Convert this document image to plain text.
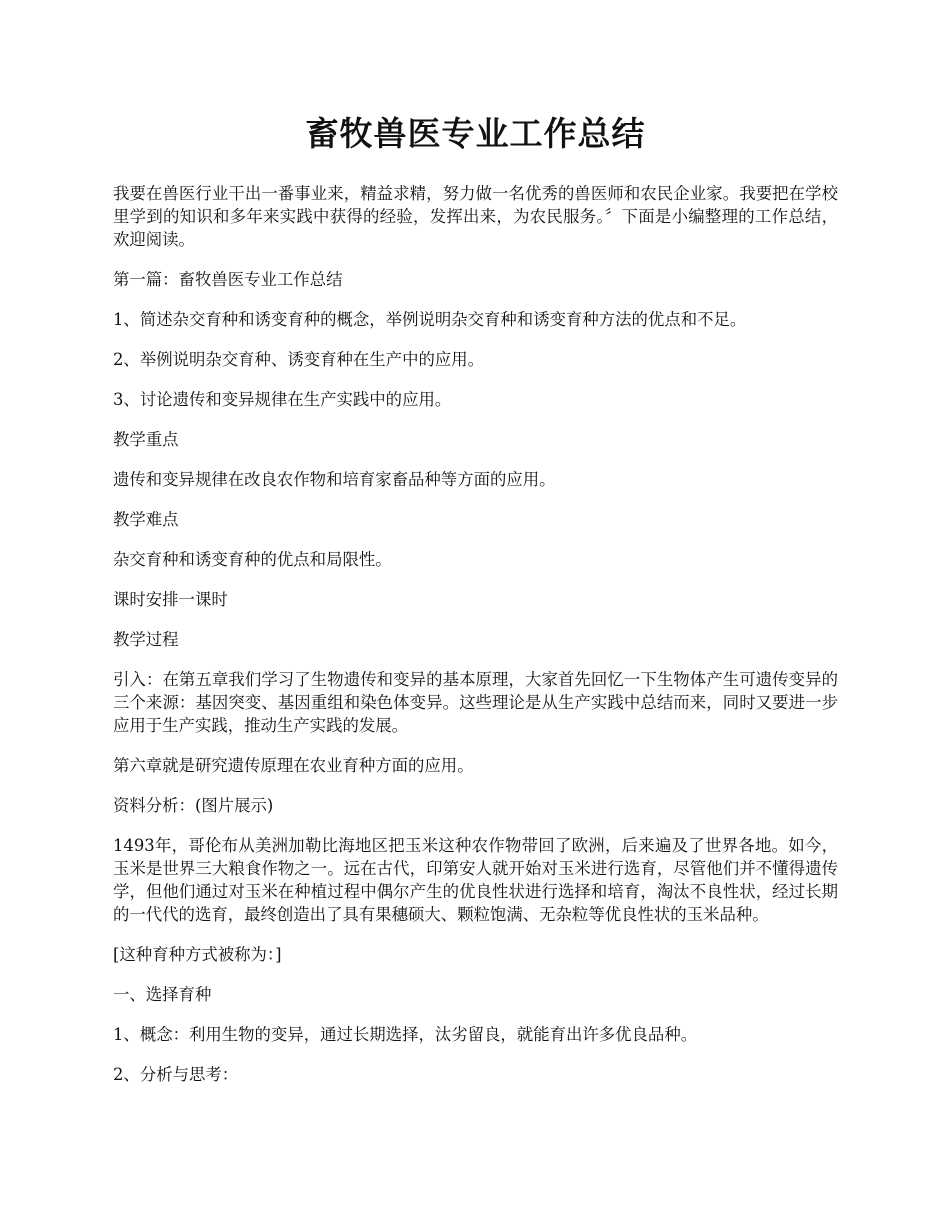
畜牧兽医专业工作总结

我要在兽医行业干出一番事业来，精益求精，努力做一名优秀的兽医师和农民企业家。我要把在学校里学到的知识和多年来实践中获得的经验，发挥出来，为农民服务。〞下面是小编整理的工作总结，欢迎阅读。

第一篇：畜牧兽医专业工作总结

1、简述杂交育种和诱变育种的概念，举例说明杂交育种和诱变育种方法的优点和不足。

2、举例说明杂交育种、诱变育种在生产中的应用。

3、讨论遗传和变异规律在生产实践中的应用。

教学重点

遗传和变异规律在改良农作物和培育家畜品种等方面的应用。

教学难点

杂交育种和诱变育种的优点和局限性。

课时安排一课时

教学过程

引入：在第五章我们学习了生物遗传和变异的基本原理，大家首先回忆一下生物体产生可遗传变异的三个来源：基因突变、基因重组和染色体变异。这些理论是从生产实践中总结而来，同时又要进一步应用于生产实践，推动生产实践的发展。

第六章就是研究遗传原理在农业育种方面的应用。

资料分析：(图片展示)

1493年，哥伦布从美洲加勒比海地区把玉米这种农作物带回了欧洲，后来遍及了世界各地。如今，玉米是世界三大粮食作物之一。远在古代，印第安人就开始对玉米进行选育，尽管他们并不懂得遗传学，但他们通过对玉米在种植过程中偶尔产生的优良性状进行选择和培育，淘汰不良性状，经过长期的一代代的选育，最终创造出了具有果穗硕大、颗粒饱满、无杂粒等优良性状的玉米品种。

[这种育种方式被称为：]

一、选择育种

1、概念：利用生物的变异，通过长期选择，汰劣留良，就能育出许多优良品种。

2、分析与思考：
